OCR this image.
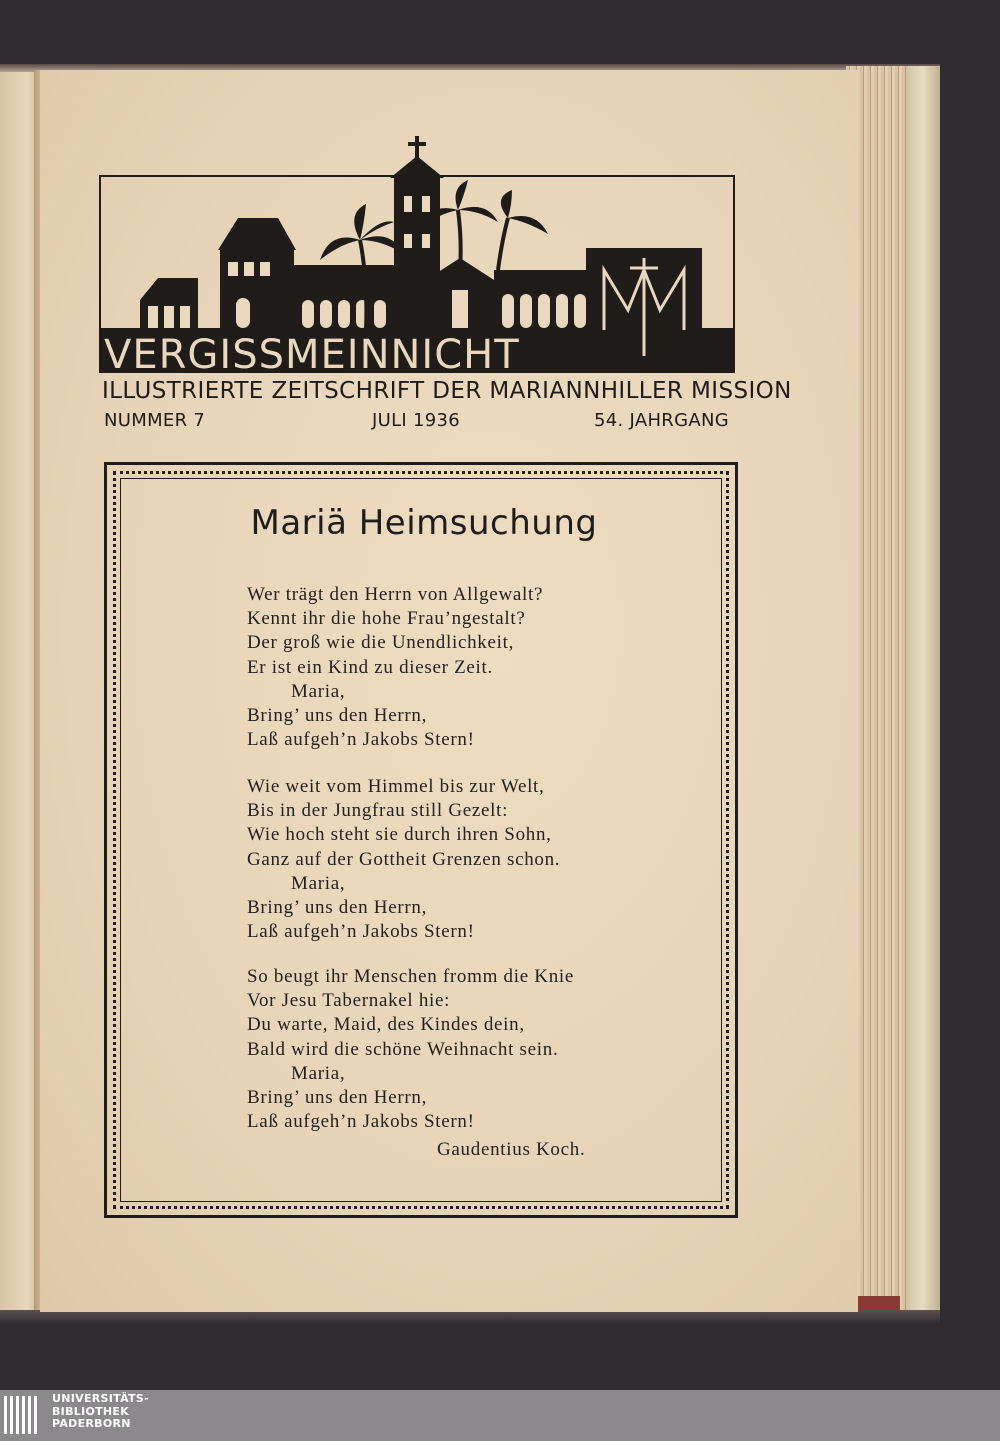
VERGISSMEINNICHT
ILLUSTRIERTE ZEITSCHRIFT DER MARIANNHILLER MISSION
NUMMER 7	JULI 1936	54. JAHRGANG
Mariä Heimsuchung
Wer trägt den Herrn von Allgewalt?
Kennt ihr die hohe Frau’ngestalt?
Der groß wie die Unendlichkeit,
Er ist ein Kind zu dieser Zeit.
Maria,
Bring’ uns den Herrn,
Laß aufgeh’n Jakobs Stern!
Wie weit vom Himmel bis zur Welt,
Bis in der Jungfrau still Gezelt:
Wie hoch steht sie durch ihren Sohn,
Ganz auf der Gottheit Grenzen schon.
Maria,
Bring’ uns den Herrn,
Laß aufgeh’n Jakobs Stern!
So beugt ihr Menschen fromm die Knie
Vor Jesu Tabernakel hie:
Du warte, Maid, des Kindes dein,
Bald wird die schöne Weihnacht sein.
Maria,
Bring’ uns den Herrn,
Laß aufgeh’n Jakobs Stern!
Gaudentius Koch.
UNIVERSITÄTS-
BIBLIOTHEK
PADERBORN
